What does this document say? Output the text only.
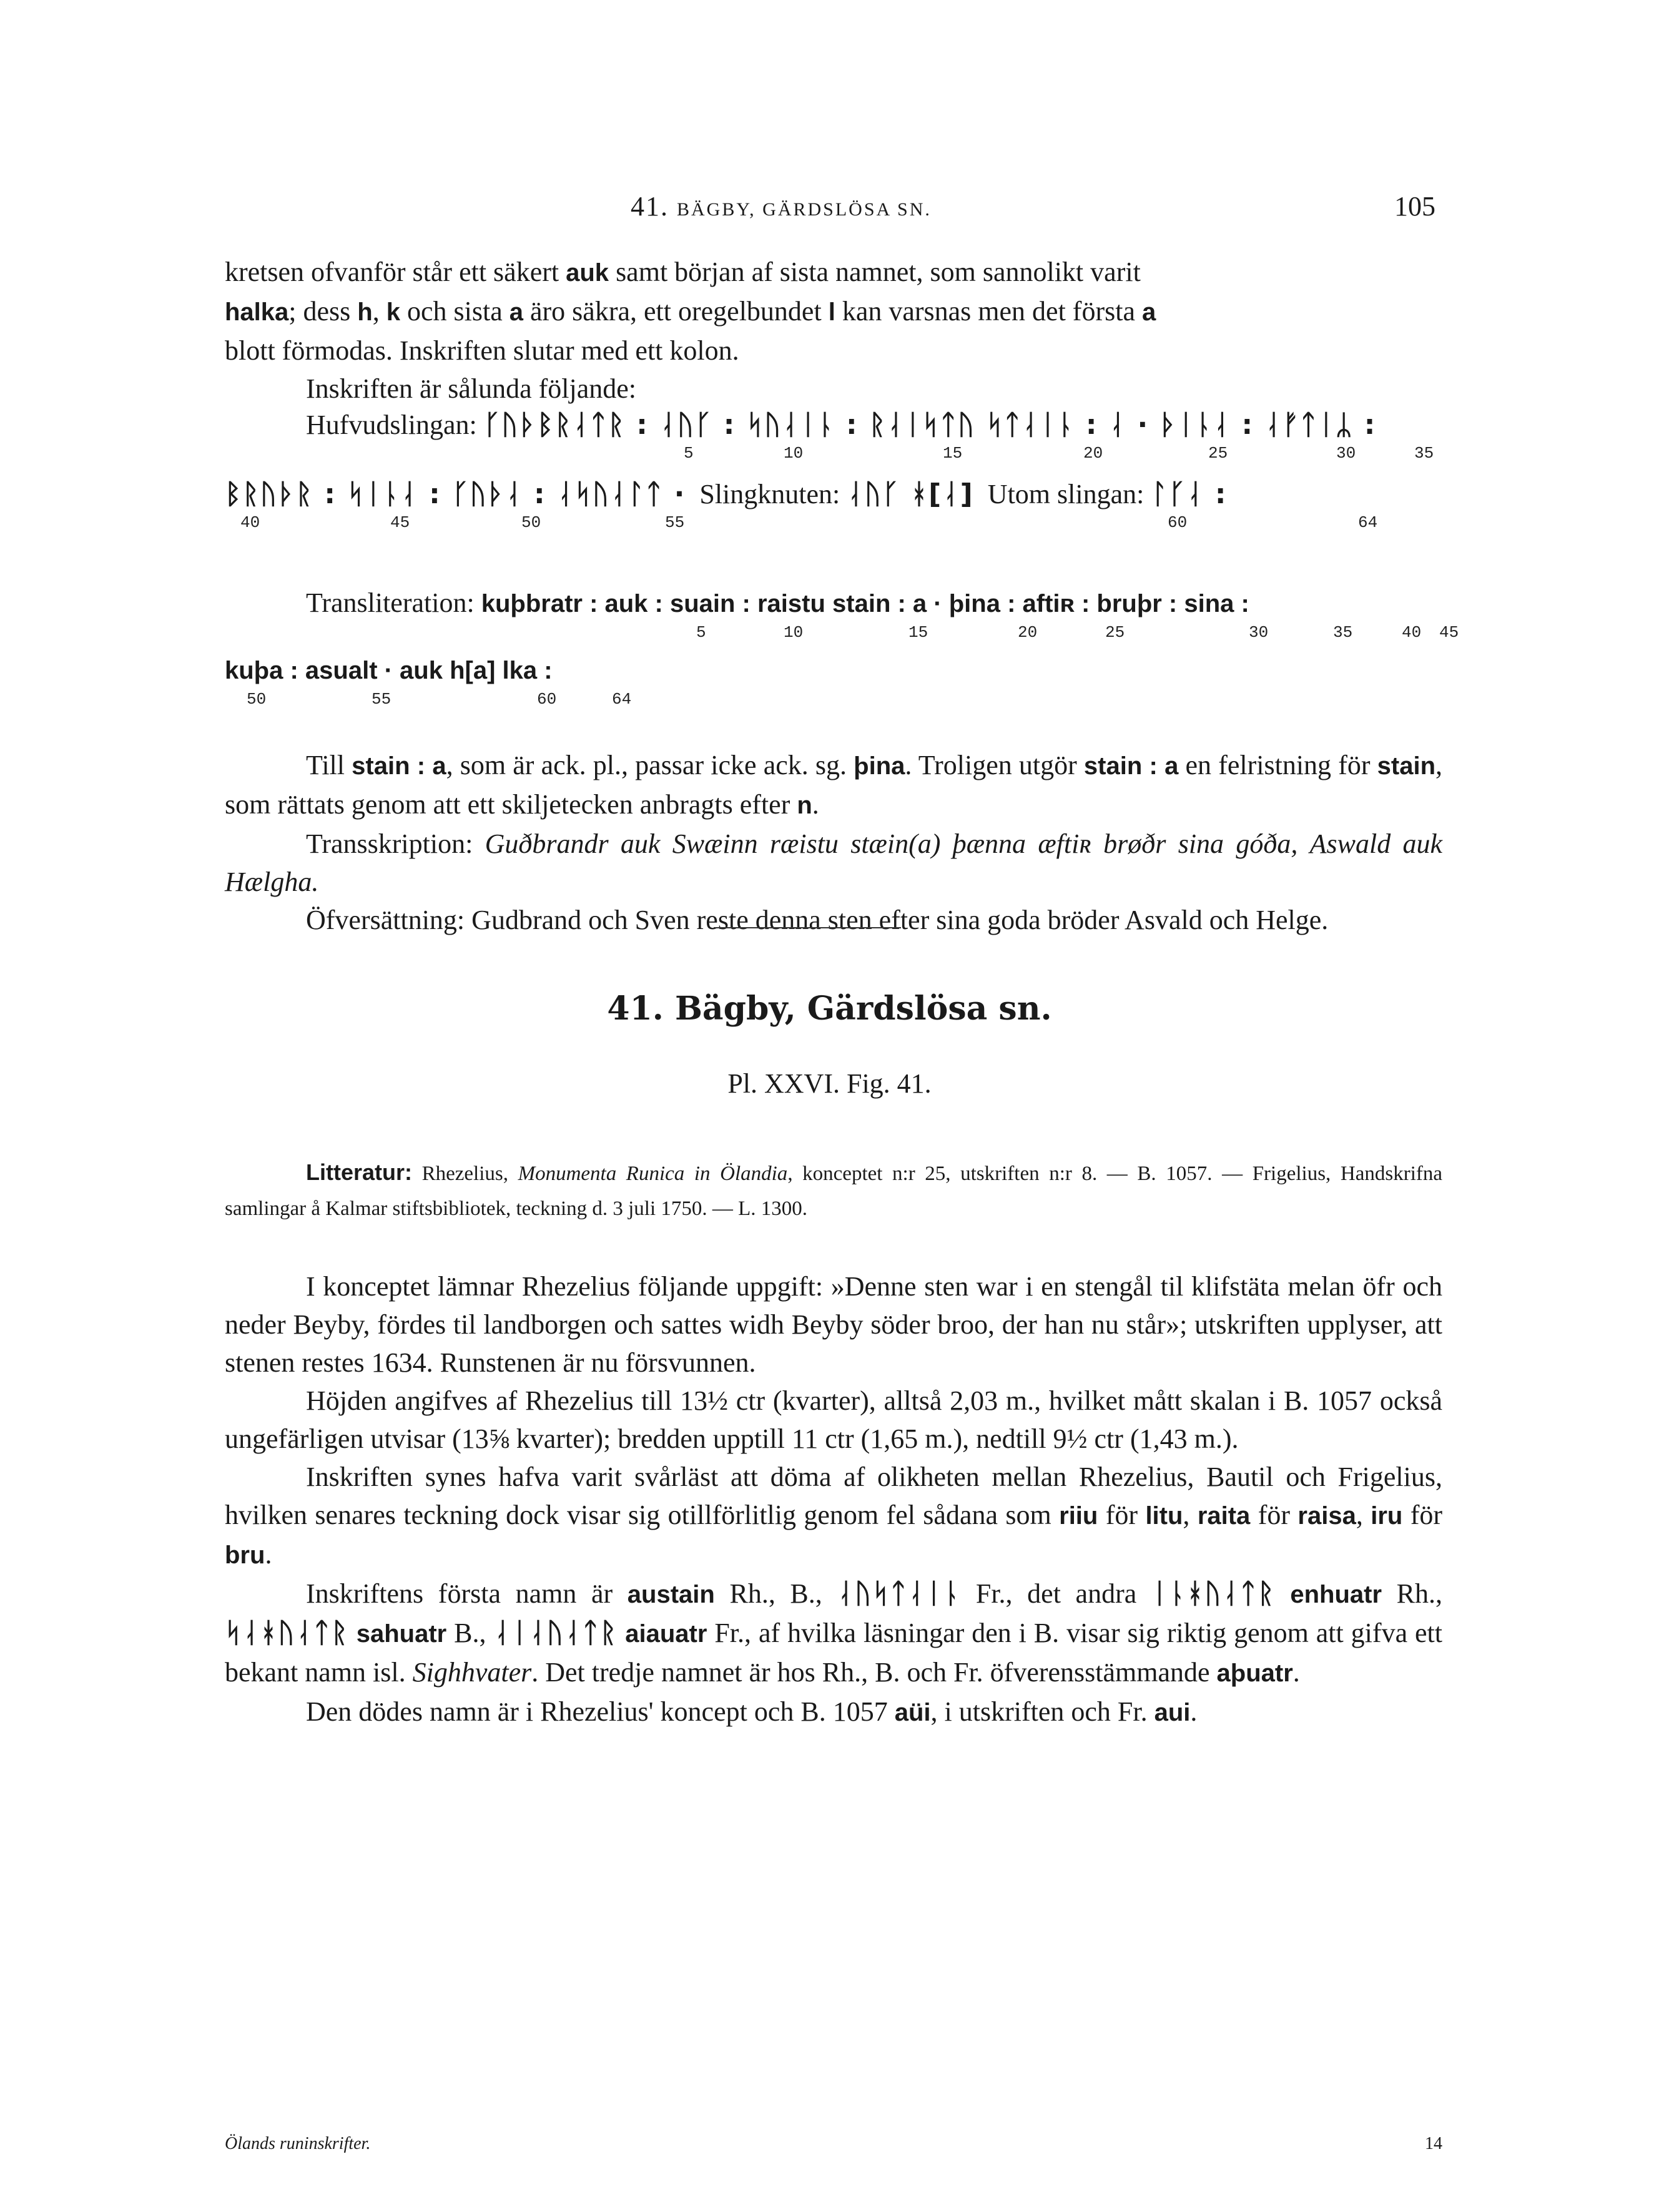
41. BÄGBY, GÄRDSLÖSA SN.	105

kretsen ofvanför står ett säkert auk samt början af sista namnet, som sannolikt varit
halka; dess h, k och sista a äro säkra, ett oregelbundet l kan varsnas men det första a
blott förmodas. Inskriften slutar med ett kolon.

Inskriften är sålunda följande:

Hufvudslingan: ᚴᚢᚦᛒᚱᛆᛏᚱ : ᛆᚢᚴ : ᛋᚢᛆᛁᚿ : ᚱᛆᛁᛋᛏᚢ ᛋᛏᛆᛁᚿ : ᛆ · ᚦᛁᚿᛆ : ᛆᚠᛏᛁᛦ :
5	10	15	20	25	30	35
ᛒᚱᚢᚦᚱ : ᛋᛁᚿᛆ : ᚴᚢᚦᛆ : ᛆᛋᚢᛆᛚᛏ · Slingknuten: ᛆᚢᚴ ᚼ[ᛆ] Utom slingan: ᛚᚴᛆ :
40	45	50	55	60	64
Transliteration: kuþbratr : auk : suain : raistu stain : a · þina : aftiʀ : bruþr : sina :
5	10	15	20	25	30	35	40 45
kuþa : asualt · auk h[a] lka :
50	55	60	64

Till stain : a, som är ack. pl., passar icke ack. sg. þina. Troligen utgör stain : a en felristning för stain, som rättats genom att ett skiljetecken anbragts efter n.

Transskription: Guðbrandr auk Swæinn ræistu stæin(a) þænna æftiʀ brøðr sina góða, Aswald auk Hælgha.

Öfversättning: Gudbrand och Sven reste denna sten efter sina goda bröder Asvald och Helge.

41. Bägby, Gärdslösa sn.
Pl. XXVI. Fig. 41.

Litteratur: Rhezelius, Monumenta Runica in Ölandia, konceptet n:r 25, utskriften n:r 8. — B. 1057. — Frigelius, Handskrifna samlingar å Kalmar stiftsbibliotek, teckning d. 3 juli 1750. — L. 1300.

I konceptet lämnar Rhezelius följande uppgift: »Denne sten war i en stengål til klifstäta melan öfr och neder Beyby, fördes til landborgen och sattes widh Beyby söder broo, der han nu står»; utskriften upplyser, att stenen restes 1634. Runstenen är nu försvunnen.

Höjden angifves af Rhezelius till 13½ ctr (kvarter), alltså 2,03 m., hvilket mått skalan i B. 1057 också ungefärligen utvisar (13⅝ kvarter); bredden upptill 11 ctr (1,65 m.), nedtill 9½ ctr (1,43 m.).

Inskriften synes hafva varit svårläst att döma af olikheten mellan Rhezelius, Bautil och Frigelius, hvilken senares teckning dock visar sig otillförlitlig genom fel sådana som riiu för litu, raita för raisa, iru för bru.

Inskriftens första namn är austain Rh., B., ᛆᚢᛋᛏᛆᛁᚿ Fr., det andra ᛁᚿᚼᚢᛆᛏᚱ enhuatr Rh., ᛋᛆᚼᚢᛆᛏᚱ sahuatr B., ᛆᛁᛆᚢᛆᛏᚱ aiauatr Fr., af hvilka läsningar den i B. visar sig riktig genom att gifva ett bekant namn isl. Sighhvater. Det tredje namnet är hos Rh., B. och Fr. öfverensstämmande aþuatr.

Den dödes namn är i Rhezelius' koncept och B. 1057 aüi, i utskriften och Fr. aui.

Ölands runinskrifter.	14
